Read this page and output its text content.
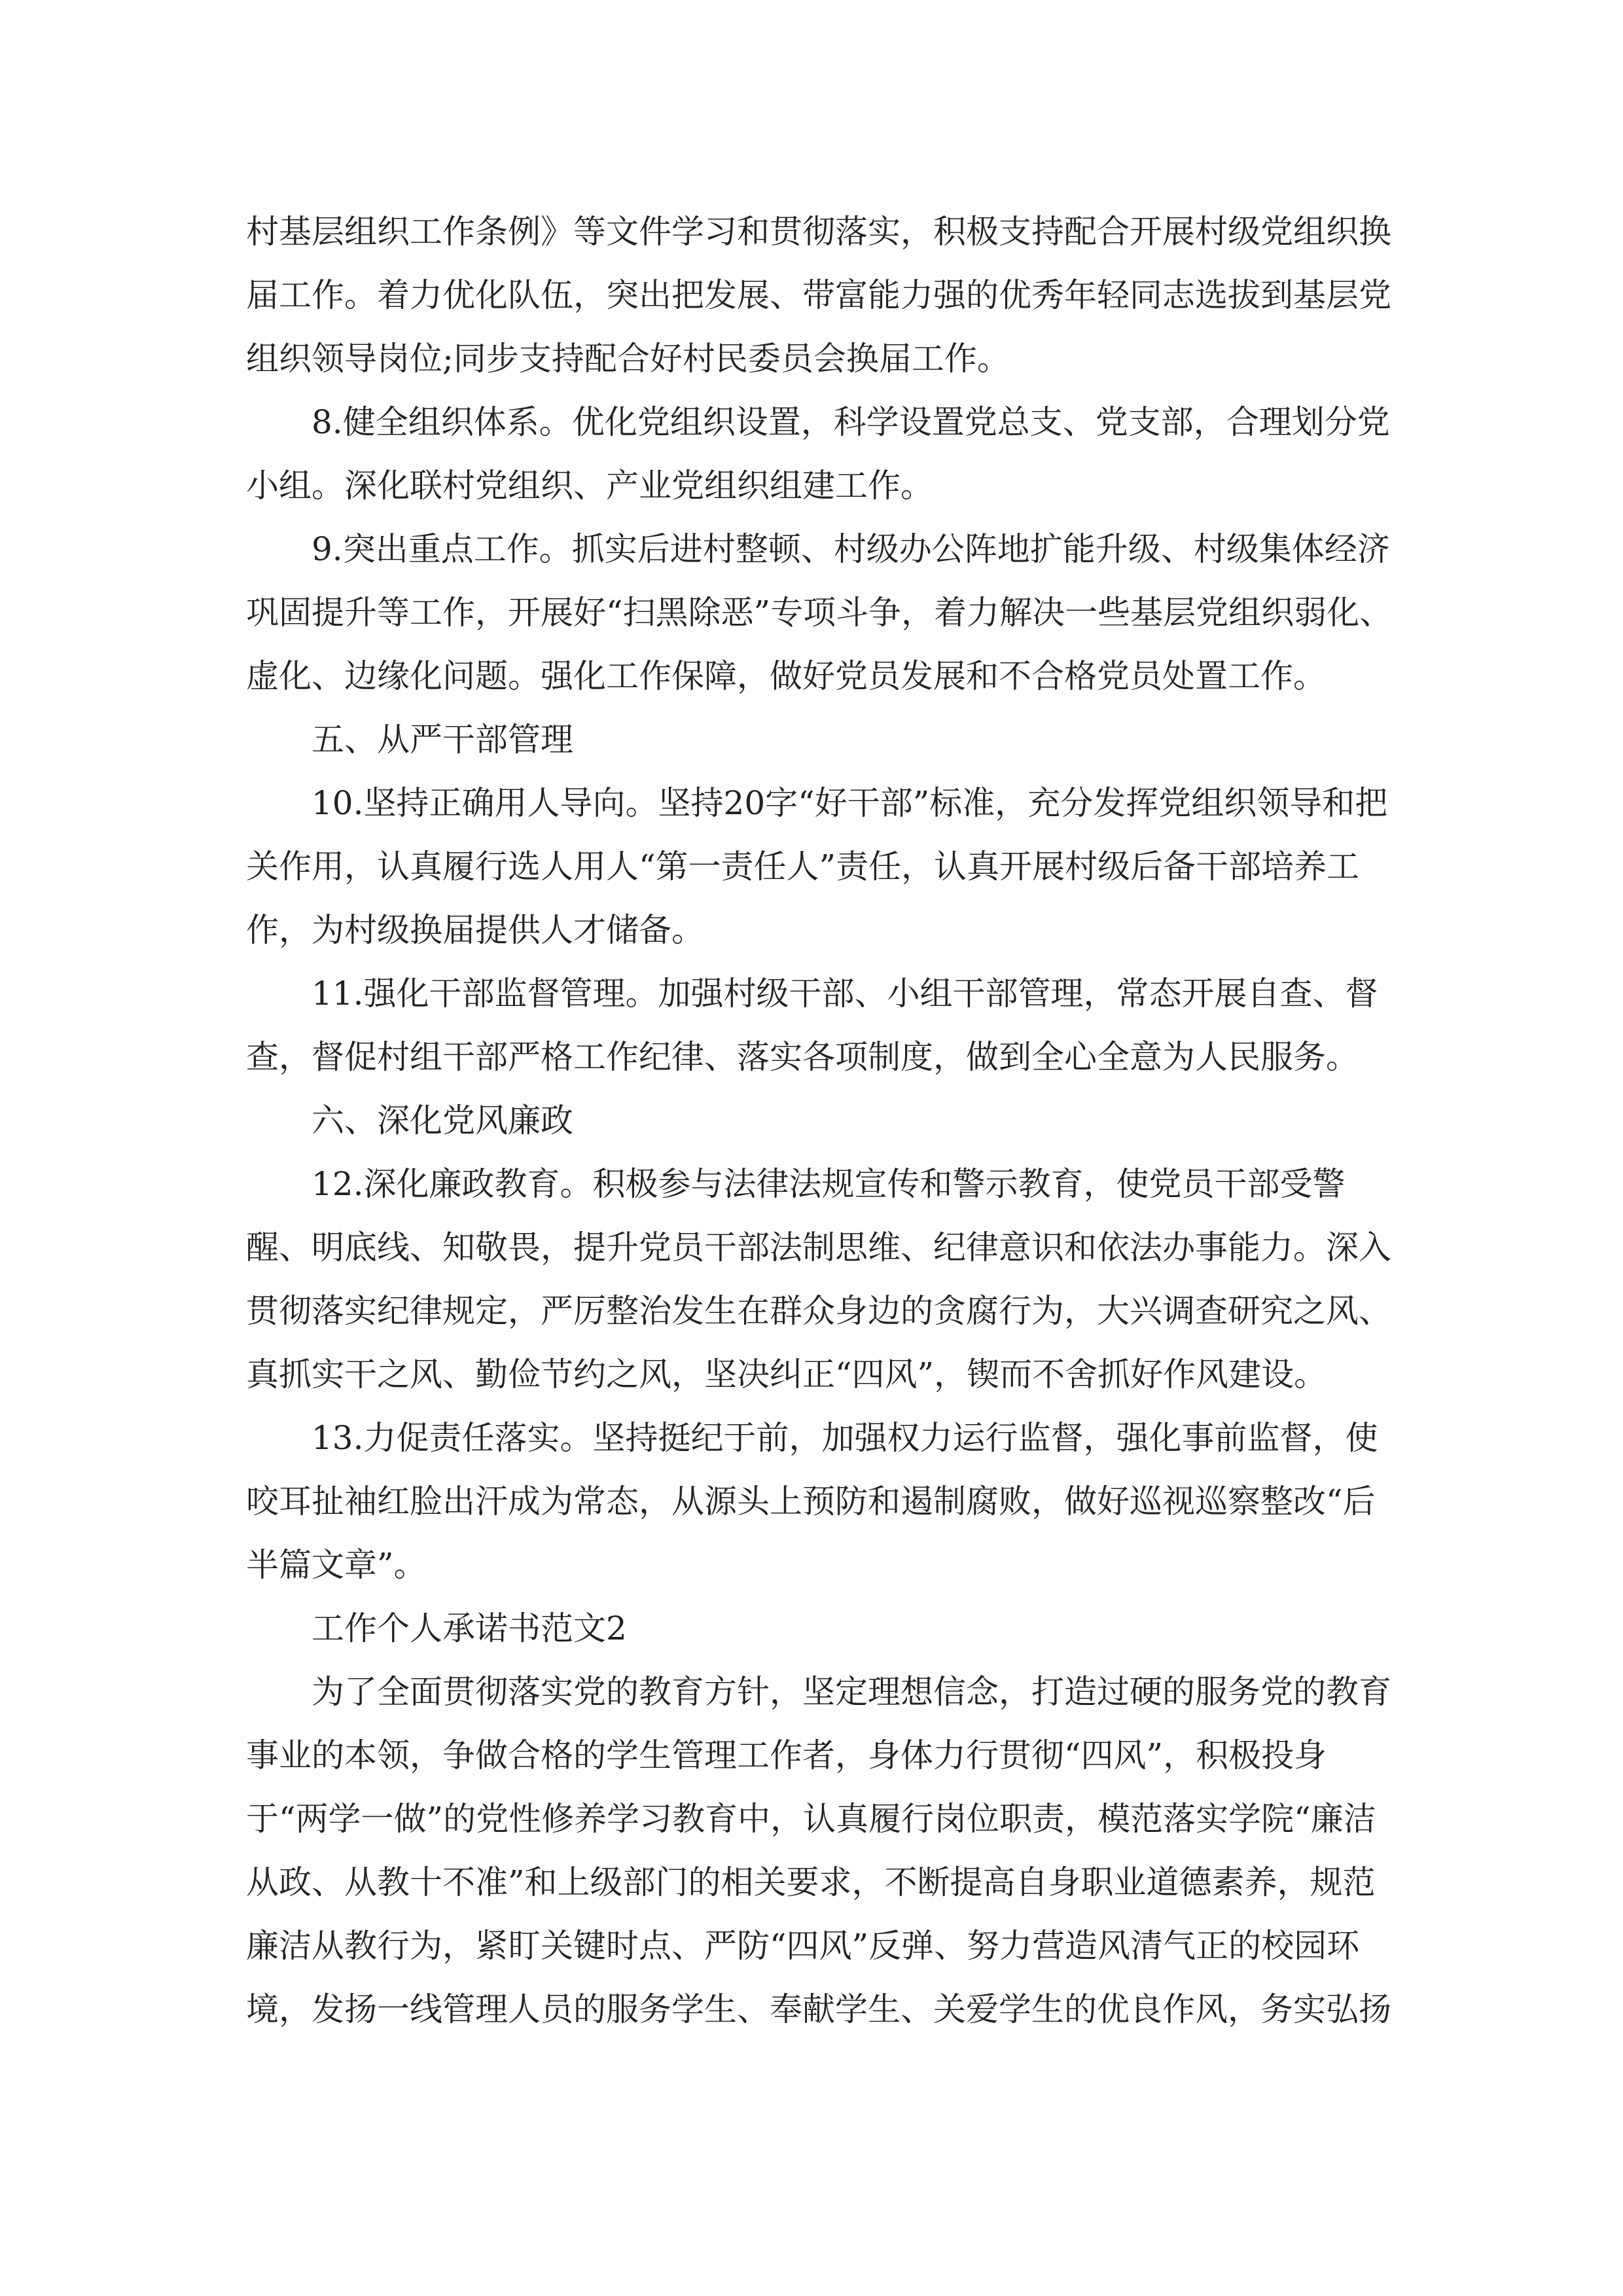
村基层组织工作条例》等文件学习和贯彻落实，积极支持配合开展村级党组织换届工作。着力优化队伍，突出把发展、带富能力强的优秀年轻同志选拔到基层党组织领导岗位;同步支持配合好村民委员会换届工作。

8.健全组织体系。优化党组织设置，科学设置党总支、党支部，合理划分党小组。深化联村党组织、产业党组织组建工作。

9.突出重点工作。抓实后进村整顿、村级办公阵地扩能升级、村级集体经济巩固提升等工作，开展好“扫黑除恶”专项斗争，着力解决一些基层党组织弱化、虚化、边缘化问题。强化工作保障，做好党员发展和不合格党员处置工作。

五、从严干部管理

10.坚持正确用人导向。坚持20字“好干部”标准，充分发挥党组织领导和把关作用，认真履行选人用人“第一责任人”责任，认真开展村级后备干部培养工作，为村级换届提供人才储备。

11.强化干部监督管理。加强村级干部、小组干部管理，常态开展自查、督查，督促村组干部严格工作纪律、落实各项制度，做到全心全意为人民服务。

六、深化党风廉政

12.深化廉政教育。积极参与法律法规宣传和警示教育，使党员干部受警醒、明底线、知敬畏，提升党员干部法制思维、纪律意识和依法办事能力。深入贯彻落实纪律规定，严厉整治发生在群众身边的贪腐行为，大兴调查研究之风、真抓实干之风、勤俭节约之风，坚决纠正“四风”，锲而不舍抓好作风建设。

13.力促责任落实。坚持挺纪于前，加强权力运行监督，强化事前监督，使咬耳扯袖红脸出汗成为常态，从源头上预防和遏制腐败，做好巡视巡察整改“后半篇文章”。

工作个人承诺书范文2

为了全面贯彻落实党的教育方针，坚定理想信念，打造过硬的服务党的教育事业的本领，争做合格的学生管理工作者，身体力行贯彻“四风”，积极投身于“两学一做”的党性修养学习教育中，认真履行岗位职责，模范落实学院“廉洁从政、从教十不准”和上级部门的相关要求，不断提高自身职业道德素养，规范廉洁从教行为，紧盯关键时点、严防“四风”反弹、努力营造风清气正的校园环境，发扬一线管理人员的服务学生、奉献学生、关爱学生的优良作风，务实弘扬
